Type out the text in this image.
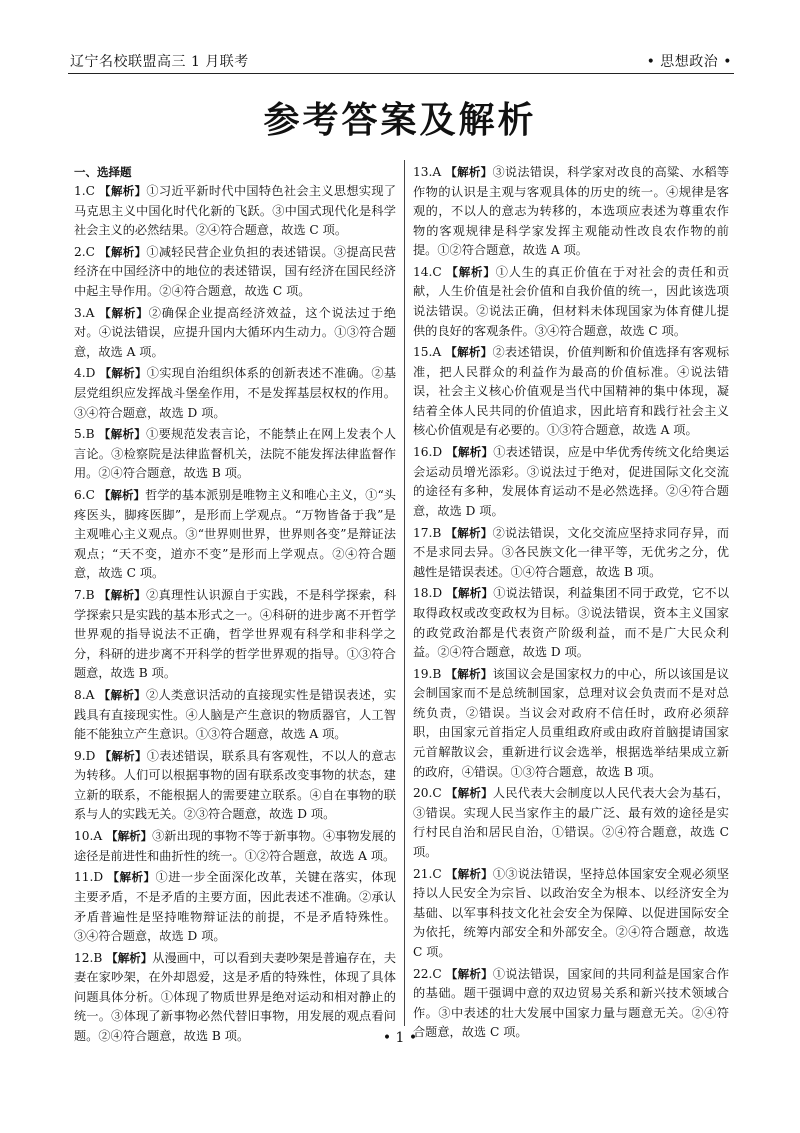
辽宁名校联盟高三 1 月联考	• 思想政治 •
参考答案及解析
一、选择题
1.C 【解析】①习近平新时代中国特色社会主义思想实现了马克思主义中国化时代化新的飞跃。③中国式现代化是科学社会主义的必然结果。②④符合题意，故选 C 项。
2.C 【解析】①减轻民营企业负担的表述错误。③提高民营经济在中国经济中的地位的表述错误，国有经济在国民经济中起主导作用。②④符合题意，故选 C 项。
3.A 【解析】②确保企业提高经济效益，这个说法过于绝对。④说法错误，应提升国内大循环内生动力。①③符合题意，故选 A 项。
4.D 【解析】①实现自治组织体系的创新表述不准确。②基层党组织应发挥战斗堡垒作用，不是发挥基层权权的作用。③④符合题意，故选 D 项。
5.B 【解析】①要规范发表言论，不能禁止在网上发表个人言论。③检察院是法律监督机关，法院不能发挥法律监督作用。②④符合题意，故选 B 项。
6.C 【解析】哲学的基本派别是唯物主义和唯心主义，①“头疼医头，脚疼医脚”，是形而上学观点。“万物皆备于我”是主观唯心主义观点。③“世界则世界，世界则各变”是辩证法观点；“天不变，道亦不变”是形而上学观点。②④符合题意，故选 C 项。
7.B 【解析】②真理性认识源自于实践，不是科学探索，科学探索只是实践的基本形式之一。④科研的进步离不开哲学世界观的指导说法不正确，哲学世界观有科学和非科学之分，科研的进步离不开科学的哲学世界观的指导。①③符合题意，故选 B 项。
8.A 【解析】②人类意识活动的直接现实性是错误表述，实践具有直接现实性。④人脑是产生意识的物质器官，人工智能不能独立产生意识。①③符合题意，故选 A 项。
9.D 【解析】①表述错误，联系具有客观性，不以人的意志为转移。人们可以根据事物的固有联系改变事物的状态，建立新的联系，不能根据人的需要建立联系。④自在事物的联系与人的实践无关。②③符合题意，故选 D 项。
10.A 【解析】③新出现的事物不等于新事物。④事物发展的途径是前进性和曲折性的统一。①②符合题意，故选 A 项。
11.D 【解析】①进一步全面深化改革，关键在落实，体现主要矛盾，不是矛盾的主要方面，因此表述不准确。②承认矛盾普遍性是坚持唯物辩证法的前提，不是矛盾特殊性。③④符合题意，故选 D 项。
12.B 【解析】从漫画中，可以看到夫妻吵架是普遍存在，夫妻在家吵架，在外却恩爱，这是矛盾的特殊性，体现了具体问题具体分析。①体现了物质世界是绝对运动和相对静止的统一。③体现了新事物必然代替旧事物，用发展的观点看问题。②④符合题意，故选 B 项。
13.A 【解析】③说法错误，科学家对改良的高粱、水稻等作物的认识是主观与客观具体的历史的统一。④规律是客观的，不以人的意志为转移的，本选项应表述为尊重农作物的客观规律是科学家发挥主观能动性改良农作物的前提。①②符合题意，故选 A 项。
14.C 【解析】①人生的真正价值在于对社会的责任和贡献，人生价值是社会价值和自我价值的统一，因此该选项说法错误。②说法正确，但材料未体现国家为体育健儿提供的良好的客观条件。③④符合题意，故选 C 项。
15.A 【解析】②表述错误，价值判断和价值选择有客观标准，把人民群众的利益作为最高的价值标准。④说法错误，社会主义核心价值观是当代中国精神的集中体现，凝结着全体人民共同的价值追求，因此培育和践行社会主义核心价值观是有必要的。①③符合题意，故选 A 项。
16.D 【解析】①表述错误，应是中华优秀传统文化给奥运会运动员增光添彩。③说法过于绝对，促进国际文化交流的途径有多种，发展体育运动不是必然选择。②④符合题意，故选 D 项。
17.B 【解析】②说法错误，文化交流应坚持求同存异，而不是求同去异。③各民族文化一律平等，无优劣之分，优越性是错误表述。①④符合题意，故选 B 项。
18.D 【解析】①说法错误，利益集团不同于政党，它不以取得政权或改变政权为目标。③说法错误，资本主义国家的政党政治都是代表资产阶级利益，而不是广大民众利益。②④符合题意，故选 D 项。
19.B 【解析】该国议会是国家权力的中心，所以该国是议会制国家而不是总统制国家，总理对议会负责而不是对总统负责，②错误。当议会对政府不信任时，政府必须辞职，由国家元首指定人员重组政府或由政府首脑提请国家元首解散议会，重新进行议会选举，根据选举结果成立新的政府，④错误。①③符合题意，故选 B 项。
20.C 【解析】人民代表大会制度以人民代表大会为基石，③错误。实现人民当家作主的最广泛、最有效的途径是实行村民自治和居民自治，①错误。②④符合题意，故选 C 项。
21.C 【解析】①③说法错误，坚持总体国家安全观必须坚持以人民安全为宗旨、以政治安全为根本、以经济安全为基础、以军事科技文化社会安全为保障、以促进国际安全为依托，统筹内部安全和外部安全。②④符合题意，故选 C 项。
22.C 【解析】①说法错误，国家间的共同利益是国家合作的基础。题干强调中意的双边贸易关系和新兴技术领域合作。③中表述的壮大发展中国家力量与题意无关。②④符合题意，故选 C 项。
• 1 •
